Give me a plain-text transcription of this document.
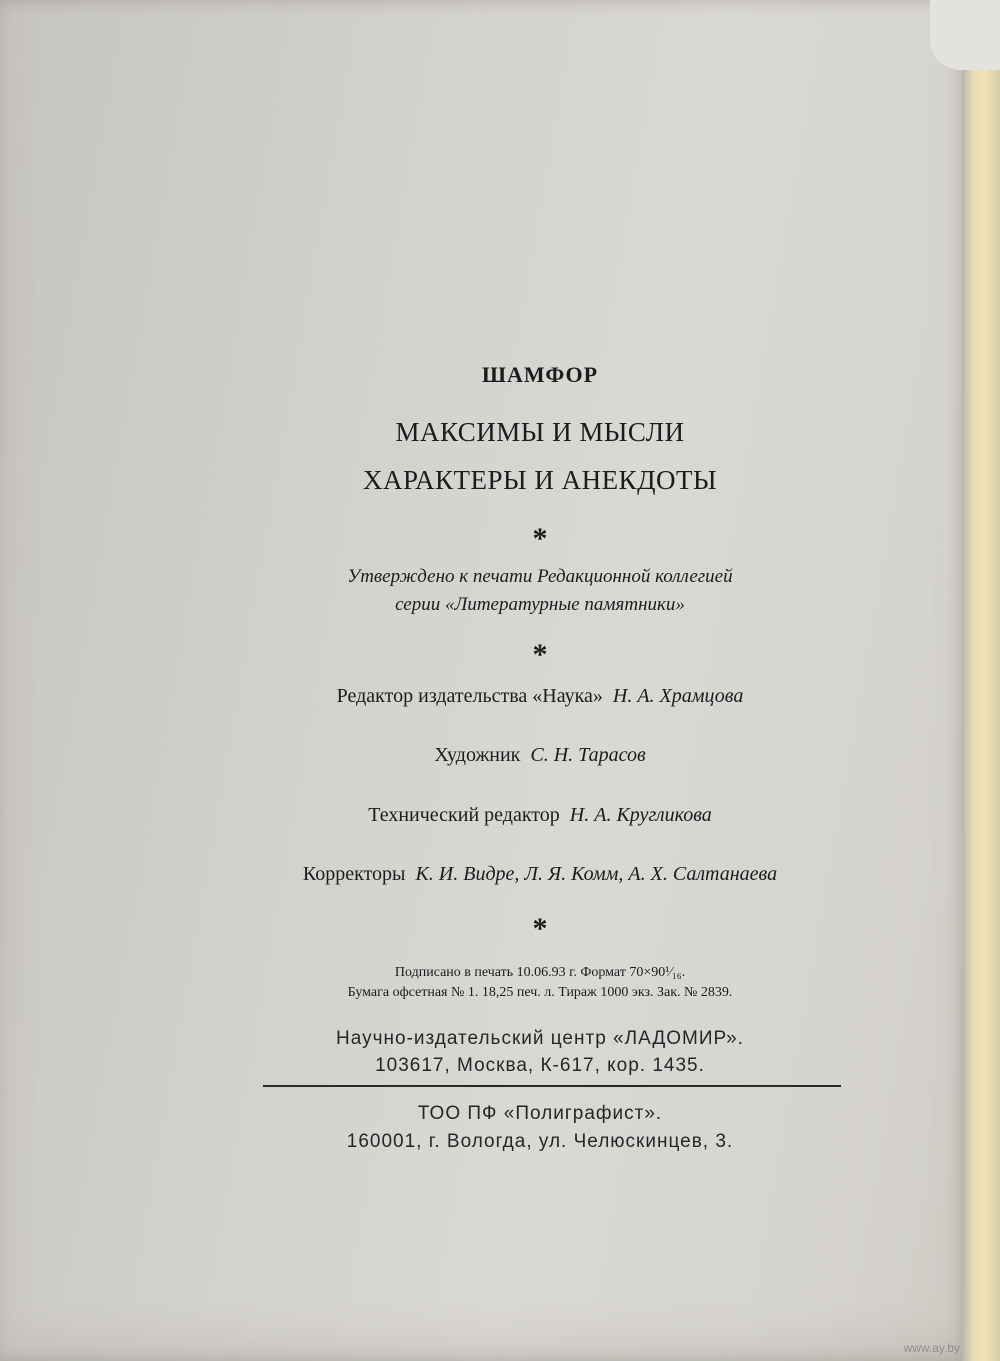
ШАМФОР
МАКСИМЫ И МЫСЛИ
ХАРАКТЕРЫ И АНЕКДОТЫ
*
Утверждено к печати Редакционной коллегией
серии «Литературные памятники»
*
Редактор издательства «Наука» Н. А. Храмцова
Художник С. Н. Тарасов
Технический редактор Н. А. Кругликова
Корректоры К. И. Видре, Л. Я. Комм, А. Х. Салтанаева
*
Подписано в печать 10.06.93 г. Формат 70×90¹⁄₁₆.
Бумага офсетная № 1. 18,25 печ. л. Тираж 1000 экз. Зак. № 2839.
Научно-издательский центр «ЛАДОМИР».
103617, Москва, К-617, кор. 1435.
ТОО ПФ «Полиграфист».
160001, г. Вологда, ул. Челюскинцев, 3.
www.ay.by
